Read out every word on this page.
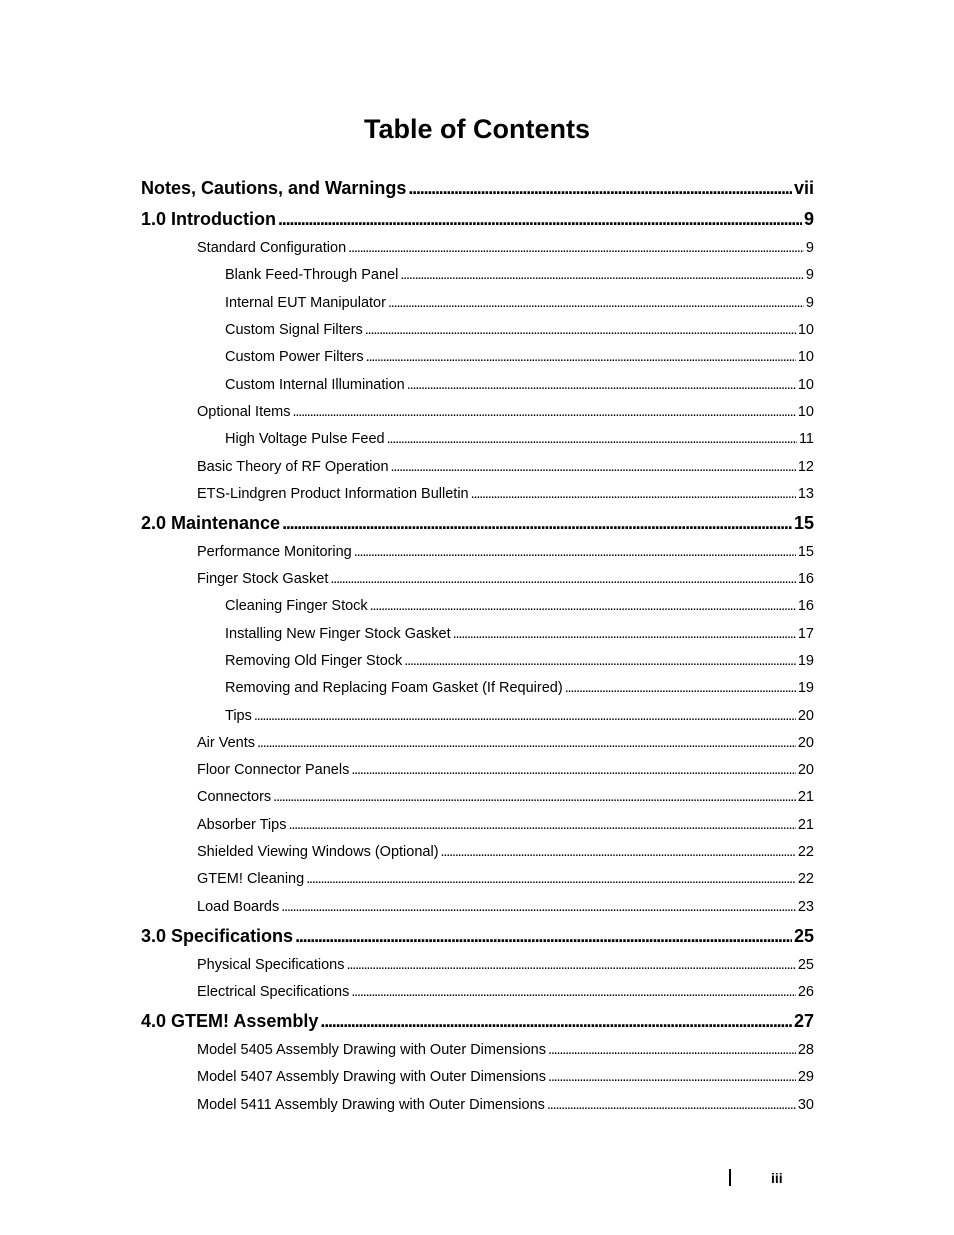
Table of Contents
Notes, Cautions, and Warnings . . .	vii
1.0 Introduction . . .	9
Standard Configuration . . .	9
Blank Feed-Through Panel . . .	9
Internal EUT Manipulator . . .	9
Custom Signal Filters . . .	10
Custom Power Filters . . .	10
Custom Internal Illumination . . .	10
Optional Items . . .	10
High Voltage Pulse Feed . . .	11
Basic Theory of RF Operation . . .	12
ETS-Lindgren Product Information Bulletin . . .	13
2.0 Maintenance . . .	15
Performance Monitoring . . .	15
Finger Stock Gasket . . .	16
Cleaning Finger Stock . . .	16
Installing New Finger Stock Gasket . . .	17
Removing Old Finger Stock . . .	19
Removing and Replacing Foam Gasket (If Required) . . .	19
Tips . . .	20
Air Vents . . .	20
Floor Connector Panels . . .	20
Connectors . . .	21
Absorber Tips . . .	21
Shielded Viewing Windows (Optional) . . .	22
GTEM! Cleaning . . .	22
Load Boards . . .	23
3.0 Specifications . . .	25
Physical Specifications . . .	25
Electrical Specifications . . .	26
4.0 GTEM! Assembly . . .	27
Model 5405 Assembly Drawing with Outer Dimensions . . .	28
Model 5407 Assembly Drawing with Outer Dimensions . . .	29
Model 5411 Assembly Drawing with Outer Dimensions . . .	30
iii
